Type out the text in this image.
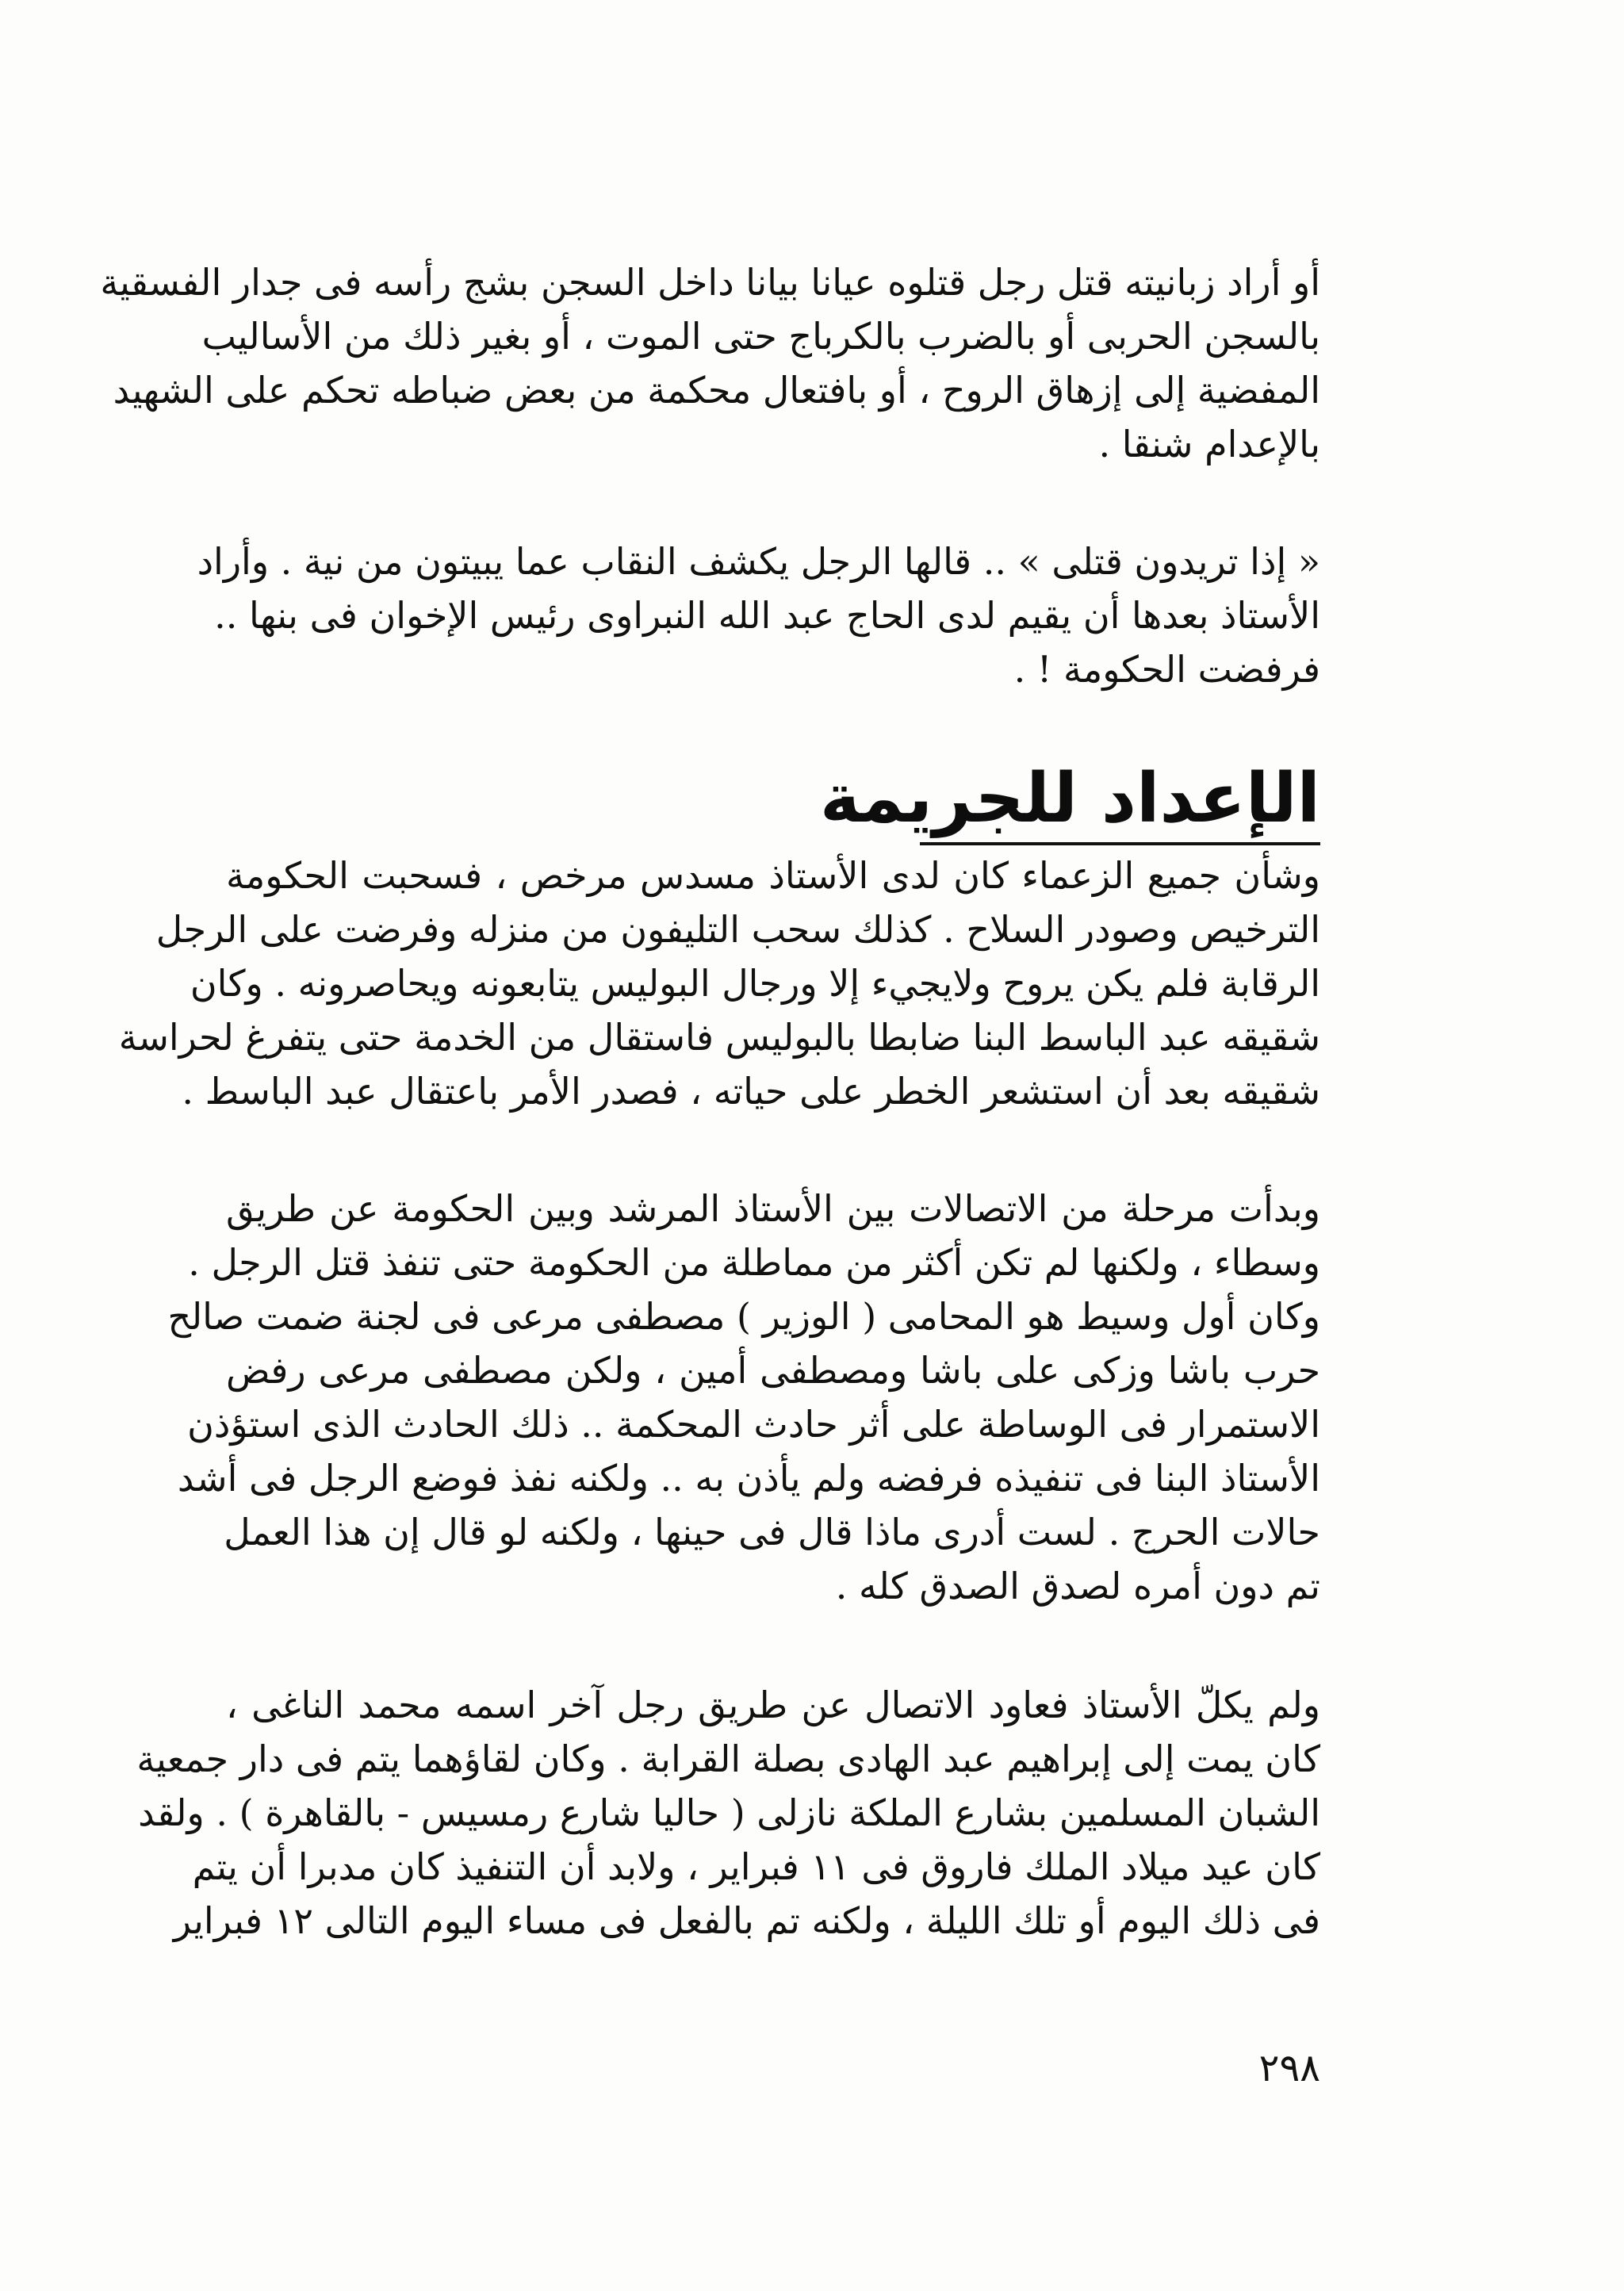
أو أراد زبانيته قتل رجل قتلوه عيانا بيانا داخل السجن بشج رأسه فى جدار الفسقية
بالسجن الحربى أو بالضرب بالكرباج حتى الموت ، أو بغير ذلك من الأساليب
المفضية إلى إزهاق الروح ، أو بافتعال محكمة من بعض ضباطه تحكم على الشهيد
بالإعدام شنقا .
« إذا تريدون قتلى » .. قالها الرجل يكشف النقاب عما يبيتون من نية . وأراد
الأستاذ بعدها أن يقيم لدى الحاج عبد الله النبراوى رئيس الإخوان فى بنها ..
فرفضت الحكومة ! .
الإعداد للجريمة
وشأن جميع الزعماء كان لدى الأستاذ مسدس مرخص ، فسحبت الحكومة
الترخيص وصودر السلاح . كذلك سحب التليفون من منزله وفرضت على الرجل
الرقابة فلم يكن يروح ولايجيء إلا ورجال البوليس يتابعونه ويحاصرونه . وكان
شقيقه عبد الباسط البنا ضابطا بالبوليس فاستقال من الخدمة حتى يتفرغ لحراسة
شقيقه بعد أن استشعر الخطر على حياته ، فصدر الأمر باعتقال عبد الباسط .
وبدأت مرحلة من الاتصالات بين الأستاذ المرشد وبين الحكومة عن طريق
وسطاء ، ولكنها لم تكن أكثر من مماطلة من الحكومة حتى تنفذ قتل الرجل .
وكان أول وسيط هو المحامى ( الوزير ) مصطفى مرعى فى لجنة ضمت صالح
حرب باشا وزكى على باشا ومصطفى أمين ، ولكن مصطفى مرعى رفض
الاستمرار فى الوساطة على أثر حادث المحكمة .. ذلك الحادث الذى استؤذن
الأستاذ البنا فى تنفيذه فرفضه ولم يأذن به .. ولكنه نفذ فوضع الرجل فى أشد
حالات الحرج . لست أدرى ماذا قال فى حينها ، ولكنه لو قال إن هذا العمل
تم دون أمره لصدق الصدق كله .
ولم يكلّ الأستاذ فعاود الاتصال عن طريق رجل آخر اسمه محمد الناغى ،
كان يمت إلى إبراهيم عبد الهادى بصلة القرابة . وكان لقاؤهما يتم فى دار جمعية
الشبان المسلمين بشارع الملكة نازلى ( حاليا شارع رمسيس - بالقاهرة ) . ولقد
كان عيد ميلاد الملك فاروق فى ١١ فبراير ، ولابد أن التنفيذ كان مدبرا أن يتم
فى ذلك اليوم أو تلك الليلة ، ولكنه تم بالفعل فى مساء اليوم التالى ١٢ فبراير
٢٩٨
